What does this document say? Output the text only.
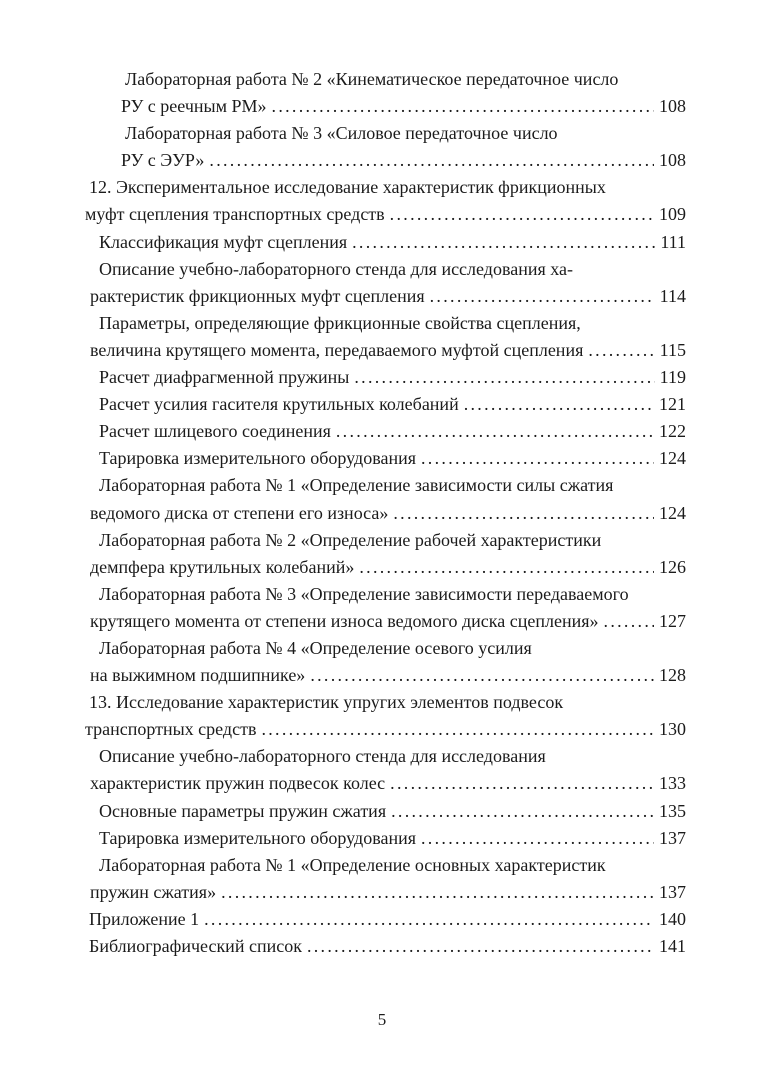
Лабораторная работа № 2 «Кинематическое передаточное число
РУ с реечным РМ» .....	108
Лабораторная работа № 3 «Силовое передаточное число
РУ с ЭУР» .....	108
12. Экспериментальное исследование характеристик фрикционных
муфт сцепления транспортных средств .....	109
Классификация муфт сцепления .....	111
Описание учебно-лабораторного стенда для исследования ха-
рактеристик фрикционных муфт сцепления .....	114
Параметры, определяющие фрикционные свойства сцепления,
величина крутящего момента, передаваемого муфтой сцепления .....	115
Расчет диафрагменной пружины .....	119
Расчет усилия гасителя крутильных колебаний .....	121
Расчет шлицевого соединения .....	122
Тарировка измерительного оборудования .....	124
Лабораторная работа № 1 «Определение зависимости силы сжатия
ведомого диска от степени его износа» .....	124
Лабораторная работа № 2 «Определение рабочей характеристики
демпфера крутильных колебаний» .....	126
Лабораторная работа № 3 «Определение зависимости передаваемого
крутящего момента от степени износа ведомого диска сцепления» .....	127
Лабораторная работа № 4 «Определение осевого усилия
на выжимном подшипнике» .....	128
13. Исследование характеристик упругих элементов подвесок
транспортных средств .....	130
Описание учебно-лабораторного стенда для исследования
характеристик пружин подвесок колес .....	133
Основные параметры пружин сжатия .....	135
Тарировка измерительного оборудования .....	137
Лабораторная работа № 1 «Определение основных характеристик
пружин сжатия» .....	137
Приложение 1 .....	140
Библиографический список .....	141
5
